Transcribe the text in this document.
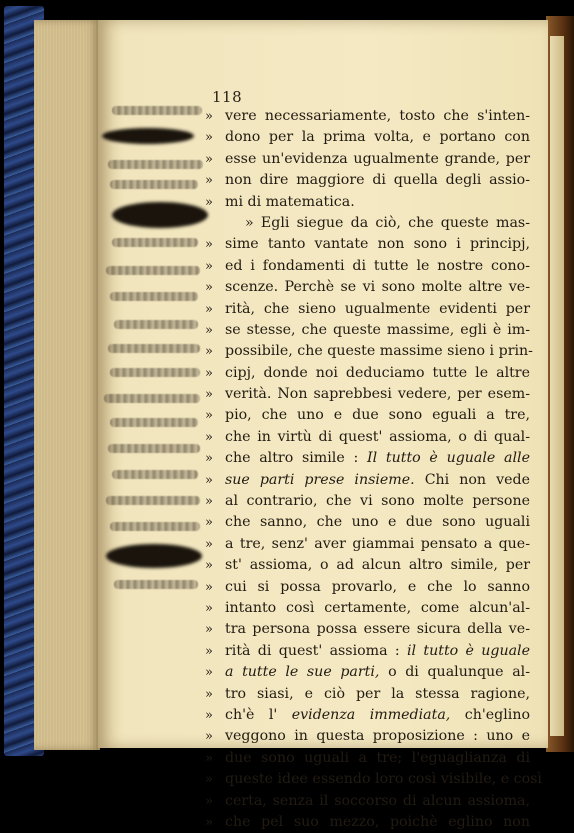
118
» vere necessariamente, tosto che s'inten-
» dono per la prima volta, e portano con
» esse un'evidenza ugualmente grande, per
» non dire maggiore di quella degli assio-
» mi di matematica.
» Egli siegue da ciò, che queste mas-
» sime tanto vantate non sono i principj,
» ed i fondamenti di tutte le nostre cono-
» scenze. Perchè se vi sono molte altre ve-
» rità, che sieno ugualmente evidenti per
» se stesse, che queste massime, egli è im-
» possibile, che queste massime sieno i prin-
» cipj, donde noi deduciamo tutte le altre
» verità. Non saprebbesi vedere, per esem-
» pio, che uno e due sono eguali a tre,
» che in virtù di quest' assioma, o di qual-
» che altro simile : Il tutto è uguale alle
» sue parti prese insieme. Chi non vede
» al contrario, che vi sono molte persone
» che sanno, che uno e due sono uguali
» a tre, senz' aver giammai pensato a que-
» st' assioma, o ad alcun altro simile, per
» cui si possa provarlo, e che lo sanno
» intanto così certamente, come alcun'al-
» tra persona possa essere sicura della ve-
» rità di quest' assioma : il tutto è uguale
» a tutte le sue parti, o di qualunque al-
» tro siasi, e ciò per la stessa ragione,
» ch'è l' evidenza immediata, ch'eglino
» veggono in questa proposizione : uno e
» due sono uguali a tre; l'eguaglianza di
» queste idee essendo loro così visibile, e così
» certa, senza il soccorso di alcun assioma,
» che pel suo mezzo, poichè eglino non
